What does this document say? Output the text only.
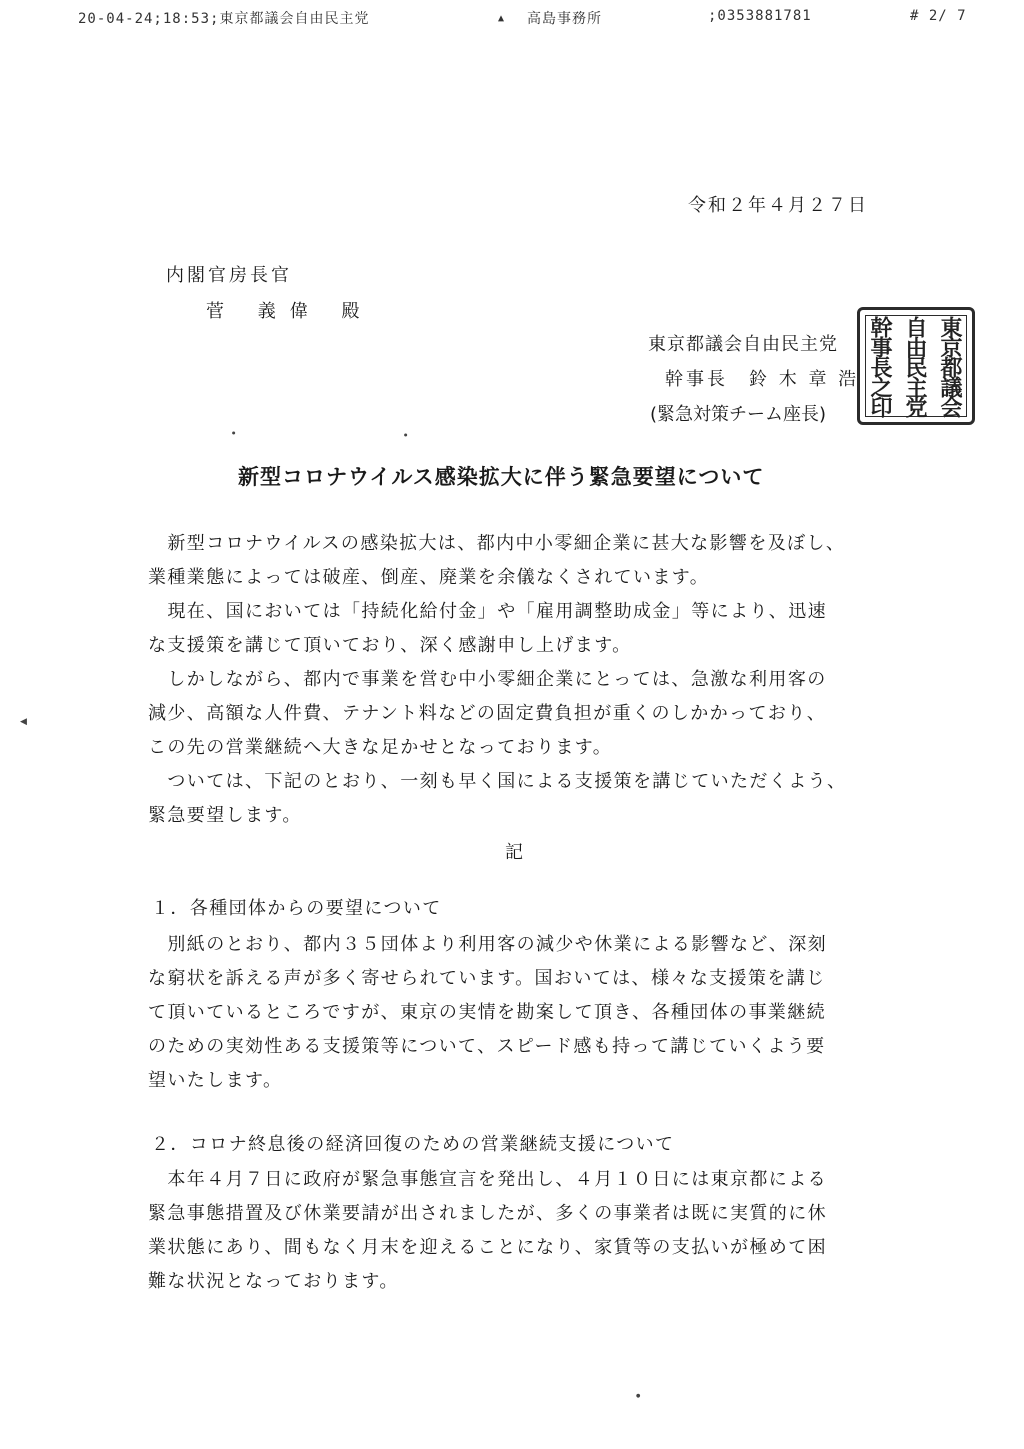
20-04-24;18:53;東京都議会自由民主党	▲ 高島事務所	;0353881781	# 2/ 7
令和２年４月２７日
内閣官房長官
菅 義偉 殿
東京都議会自由民主党
幹事長　鈴 木 章 浩
(緊急対策チーム座長)	東京都議会
自由民主党
幹事長之印
新型コロナウイルス感染拡大に伴う緊急要望について
　新型コロナウイルスの感染拡大は、都内中小零細企業に甚大な影響を及ぼし、
業種業態によっては破産、倒産、廃業を余儀なくされています。
　現在、国においては「持続化給付金」や「雇用調整助成金」等により、迅速
な支援策を講じて頂いており、深く感謝申し上げます。
　しかしながら、都内で事業を営む中小零細企業にとっては、急激な利用客の
減少、高額な人件費、テナント料などの固定費負担が重くのしかかっており、
この先の営業継続へ大きな足かせとなっております。
　ついては、下記のとおり、一刻も早く国による支援策を講じていただくよう、
緊急要望します。
記
１．各種団体からの要望について
　別紙のとおり、都内３５団体より利用客の減少や休業による影響など、深刻
な窮状を訴える声が多く寄せられています。国おいては、様々な支援策を講じ
て頂いているところですが、東京の実情を勘案して頂き、各種団体の事業継続
のための実効性ある支援策等について、スピード感も持って講じていくよう要
望いたします。
２．コロナ終息後の経済回復のための営業継続支援について
　本年４月７日に政府が緊急事態宣言を発出し、４月１０日には東京都による
緊急事態措置及び休業要請が出されましたが、多くの事業者は既に実質的に休
業状態にあり、間もなく月末を迎えることになり、家賃等の支払いが極めて困
難な状況となっております。
◀
●	●
●
